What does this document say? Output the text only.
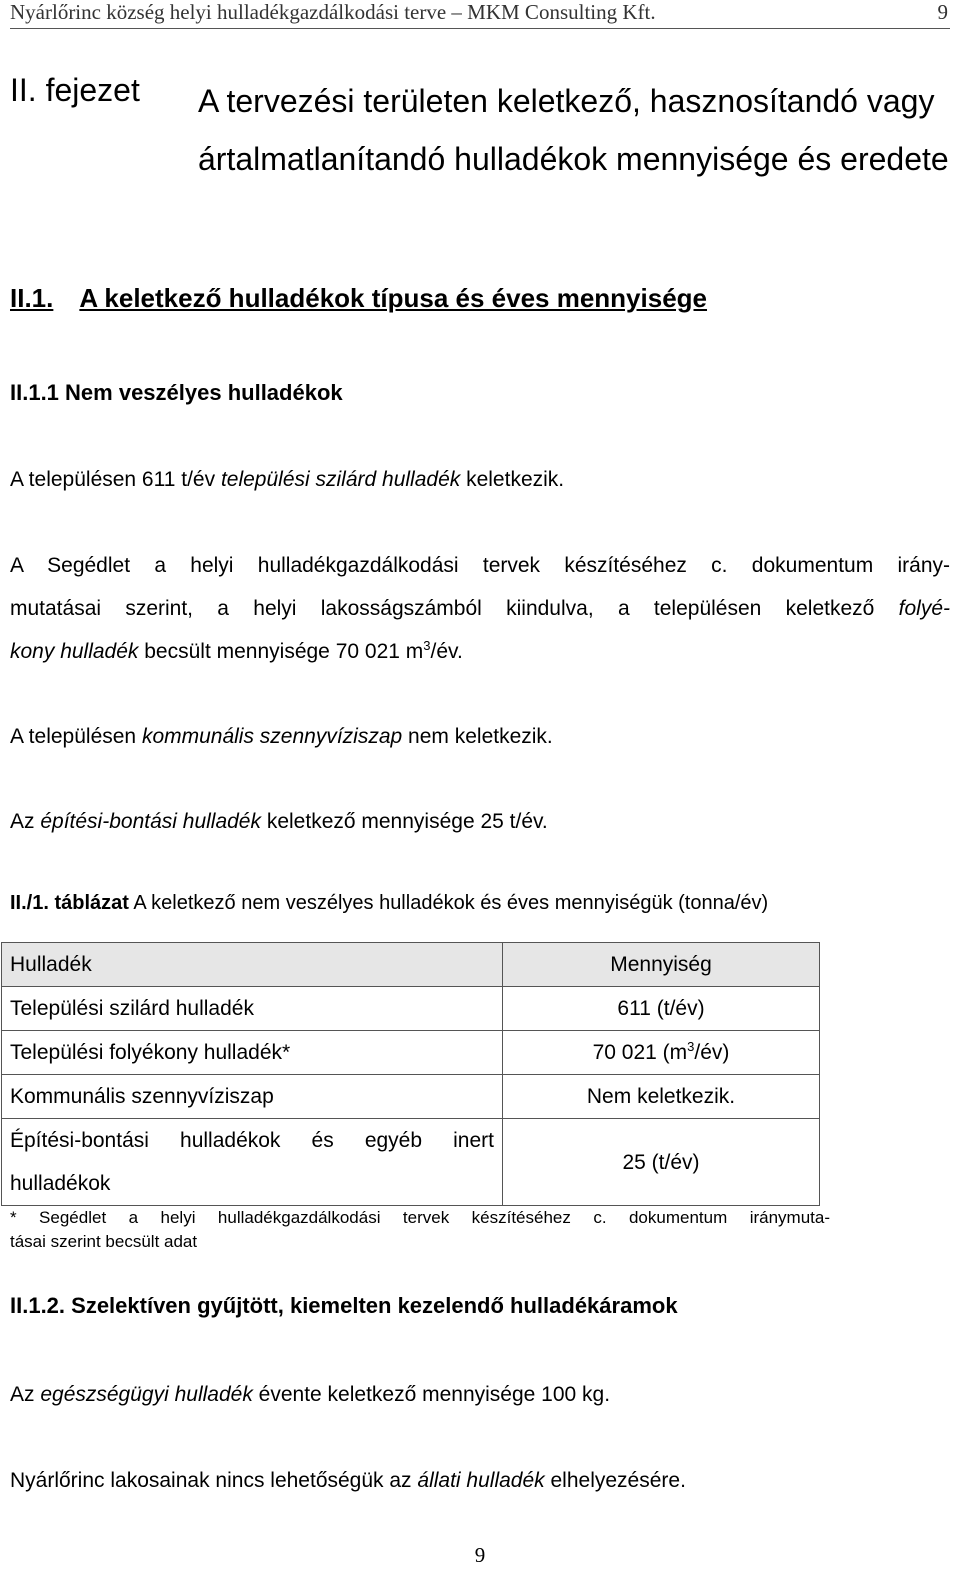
Nyárlőrinc község helyi hulladékgazdálkodási terve – MKM Consulting Kft.	9
II. fejezet A tervezési területen keletkező, hasznosítandó vagy ártalmatlanítandó hulladékok mennyisége és eredete
II.1. A keletkező hulladékok típusa és éves mennyisége
II.1.1 Nem veszélyes hulladékok
A településen 611 t/év települési szilárd hulladék keletkezik.
A Segédlet a helyi hulladékgazdálkodási tervek készítéséhez c. dokumentum irány-
mutatásai szerint, a helyi lakosságszámból kiindulva, a településen keletkező folyé-
kony hulladék becsült mennyisége 70 021 $m^3/év$.
A településen kommunális szennyvíziszap nem keletkezik.
Az építési-bontási hulladék keletkező mennyisége 25 t/év.
II./1. táblázat A keletkező nem veszélyes hulladékok és éves mennyiségük (tonna/év)
Hulladék	Mennyiség
Települési szilárd hulladék	611 (t/év)
Települési folyékony hulladék*	70 021 $(m^3/év)$
Kommunális szennyvíziszap	Nem keletkezik.

Építési-bontási hulladékok és egyéb inert
hulladékok	25 (t/év)
* Segédlet a helyi hulladékgazdálkodási tervek készítéséhez c. dokumentum iránymuta-
tásai szerint becsült adat
II.1.2. Szelektíven gyűjtött, kiemelten kezelendő hulladékáramok
Az egészségügyi hulladék évente keletkező mennyisége 100 kg.
Nyárlőrinc lakosainak nincs lehetőségük az állati hulladék elhelyezésére.
9
